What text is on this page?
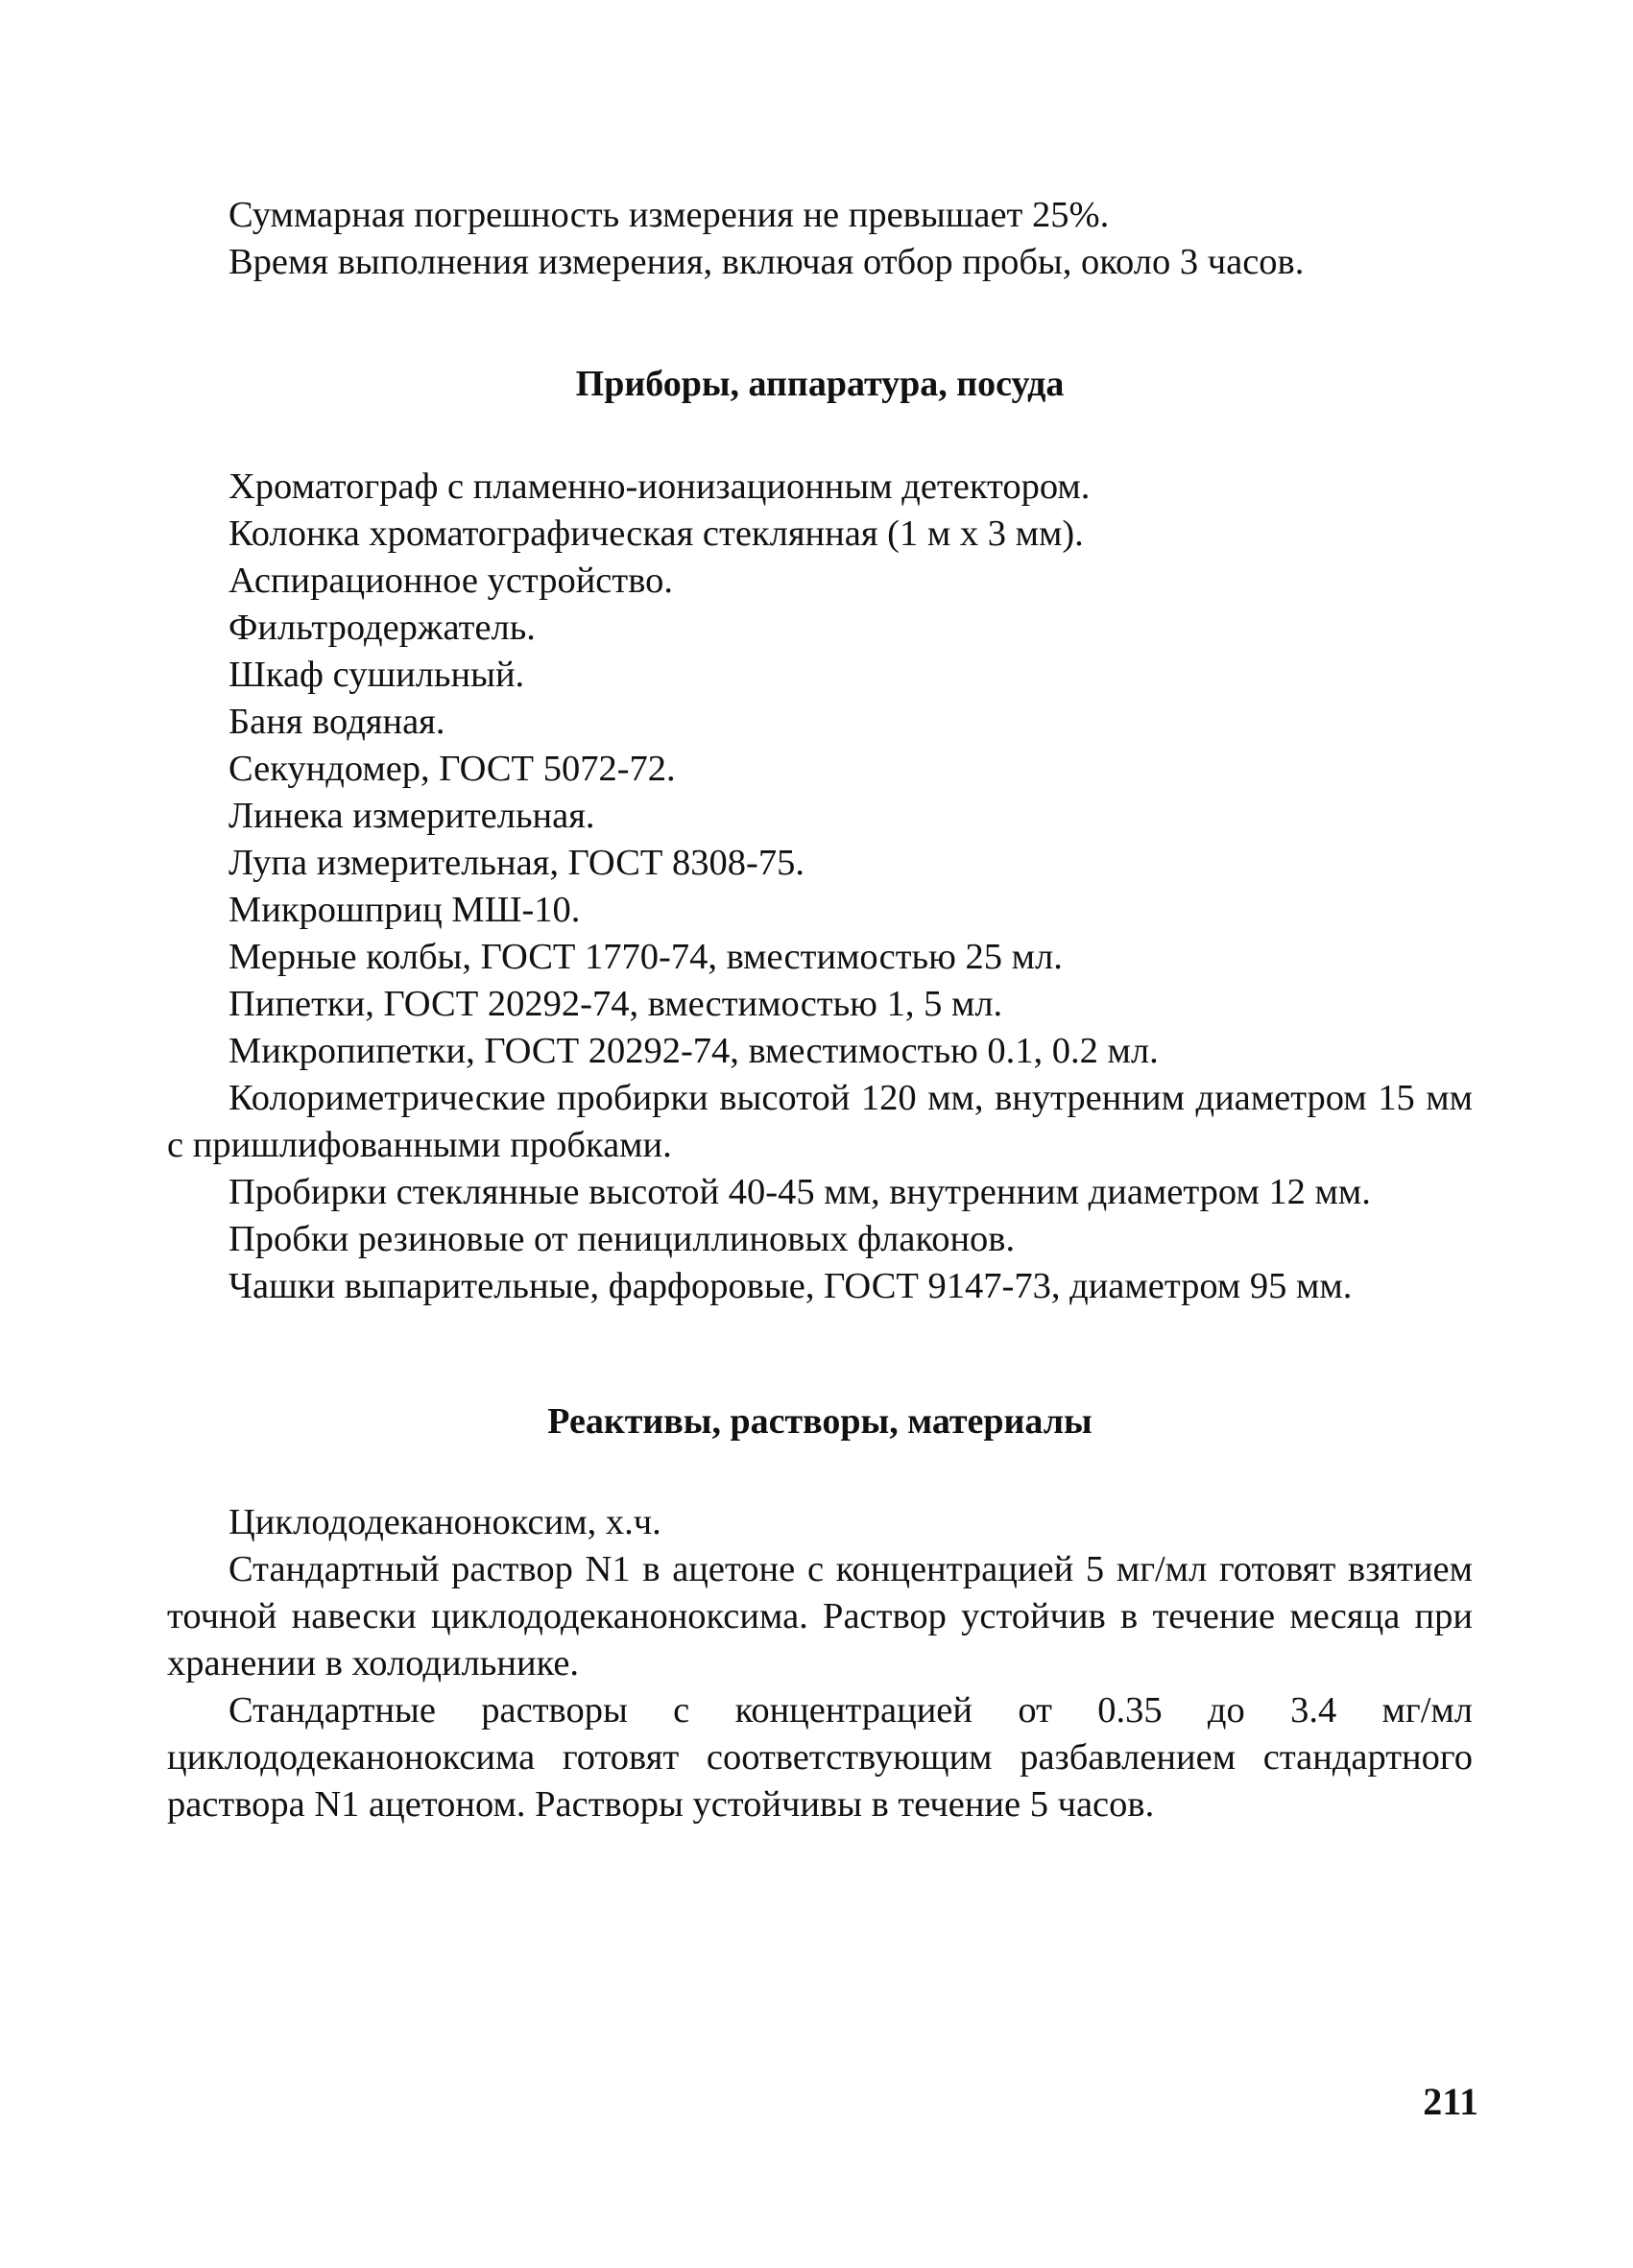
Суммарная погрешность измерения не превышает 25%.

Время выполнения измерения, включая отбор пробы, около 3 часов.

Приборы, аппаратура, посуда

Хроматограф с пламенно-ионизационным детектором.

Колонка хроматографическая стеклянная (1 м х 3 мм).

Аспирационное устройство.

Фильтродержатель.

Шкаф сушильный.

Баня водяная.

Секундомер, ГОСТ 5072-72.

Линека измерительная.

Лупа измерительная, ГОСТ 8308-75.

Микрошприц МШ-10.

Мерные колбы, ГОСТ 1770-74, вместимостью 25 мл.

Пипетки, ГОСТ 20292-74, вместимостью 1, 5 мл.

Микропипетки, ГОСТ 20292-74, вместимостью 0.1, 0.2 мл.

Колориметрические пробирки высотой 120 мм, внутренним диаметром 15 мм с пришлифованными пробками.

Пробирки стеклянные высотой 40-45 мм, внутренним диаметром 12 мм.

Пробки резиновые от пенициллиновых флаконов.

Чашки выпарительные, фарфоровые, ГОСТ 9147-73, диаметром 95 мм.

Реактивы, растворы, материалы

Циклододеканоноксим, х.ч.

Стандартный раствор N1 в ацетоне с концентрацией 5 мг/мл готовят взятием точной навески циклододеканоноксима. Раствор устойчив в течение месяца при хранении в холодильнике.

Стандартные растворы с концентрацией от 0.35 до 3.4 мг/мл циклододеканоноксима готовят соответствующим разбавлением стандартного раствора N1 ацетоном. Растворы устойчивы в течение 5 часов.

211
